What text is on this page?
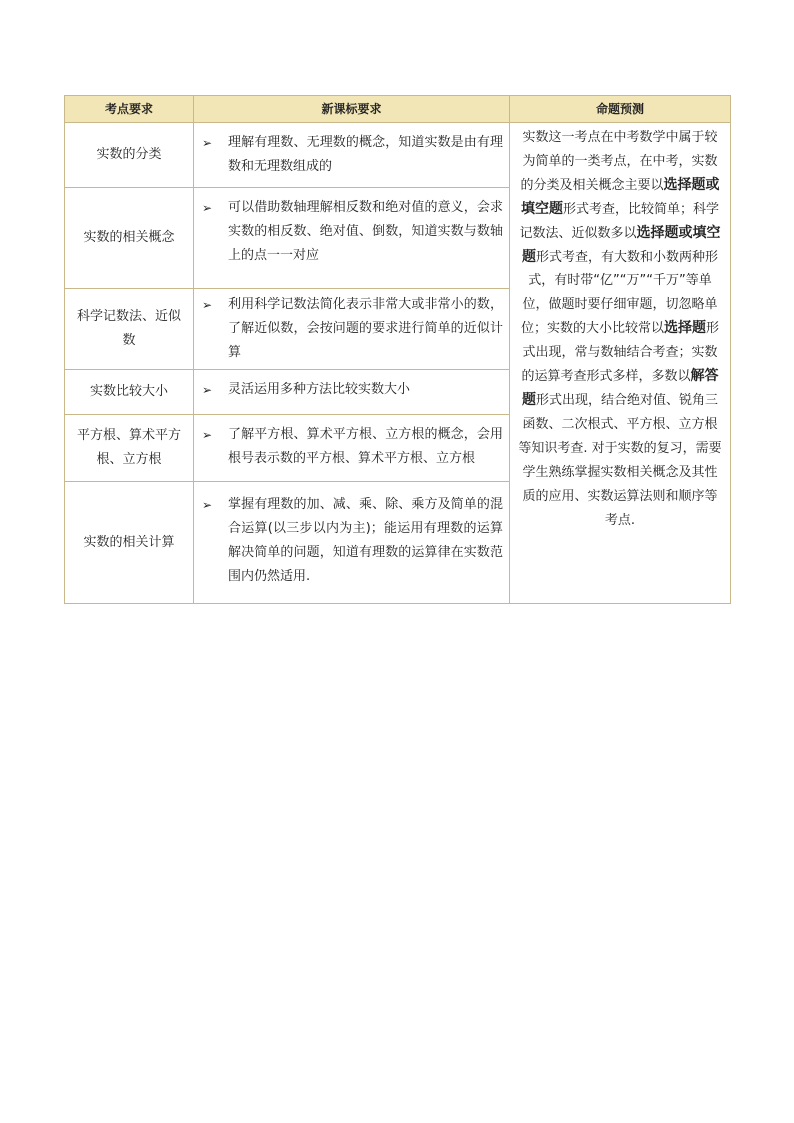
考点要求	新课标要求	命题预测
实数的分类	➢ 理解有理数、无理数的概念，知道实数是由有理数和无理数组成的	实数这一考点在中考数学中属于较为简单的一类考点，在中考，实数的分类及相关概念主要以选择题或填空题形式考查，比较简单；科学记数法、近似数多以选择题或填空题形式考查，有大数和小数两种形式，有时带“亿”“万”“千万”等单位，做题时要仔细审题，切忽略单位；实数的大小比较常以选择题形式出现，常与数轴结合考查；实数的运算考查形式多样，多数以解答题形式出现，结合绝对值、锐角三函数、二次根式、平方根、立方根等知识考查. 对于实数的复习，需要学生熟练掌握实数相关概念及其性质的应用、实数运算法则和顺序等考点.
实数的相关概念	➢ 可以借助数轴理解相反数和绝对值的意义，会求实数的相反数、绝对值、倒数，知道实数与数轴上的点一一对应	

科学记数法、近似数	➢ 利用科学记数法简化表示非常大或非常小的数，了解近似数，会按问题的要求进行简单的近似计算	

实数比较大小	➢ 灵活运用多种方法比较实数大小	

平方根、算术平方根、立方根	➢ 了解平方根、算术平方根、立方根的概念，会用根号表示数的平方根、算术平方根、立方根	

实数的相关计算	➢ 掌握有理数的加、减、乘、除、乘方及简单的混合运算(以三步以内为主)；能运用有理数的运算解决简单的问题，知道有理数的运算律在实数范围内仍然适用.	
